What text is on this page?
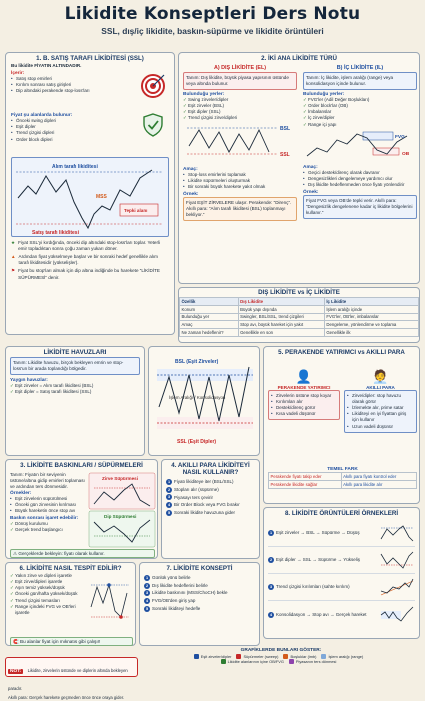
Likidite Konseptleri Ders Notu
SSL, dış/iç likidite, baskın-süpürme ve likidite örüntüleri
1. B. SATIŞ TARAFI LİKİDİTESİ (SSL)
Bu likidite FİYATIN ALTINDADIR.
İçerir:
• Satış stop emirleri
• Kırılım sonrası satış girişleri
• Dip altındaki perakende stop-loss'ları
Fiyat şu alanlarda bulunur:
• Önceki swing dipleri
• Eşit dipler
• Trend çizgisi dipleri
• Order block dipleri
Alım tarafı likiditesi
MSS
Satış tarafı likiditesi
Tepki alanı
★ Fiyat SSL'yi kırdığında, önceki dip altındaki stop-loss'ları toplar. Yeterli emir topladıktan sonra çoğu zaman yukarı döner.
▲ Ardından fiyat yükselmeye başlar ve bir sonraki hedef genellikle alım tarafı likiditesidir (yükselişler).
⚑ Fiyat bu stop'ları almak için dip altına indiğinde bu harekete “LİKİDİTE SÜPÜRMESİ” denir.
2. İKİ ANA LİKİDİTE TÜRÜ
A) DIŞ LİKİDİTE (EL)
Tanım: Dış likidite, büyük piyasa yapısının üstünde veya altında bulunur.
Bulunduğu yerler:
✓ Swing zirveler/dipler
✓ Eşit zirveler (BSL)
✓ Eşit dipler (SSL)
✓ Trend çizgisi zirve/dipleri
BSL
SSL
Amaç:
• Stop-loss emirlerini toplamak
• Likidite süpürmeleri oluşturmak
• Bir sonraki büyük harekete yakıt olmak
Örnek:
Fiyat EŞİT ZİRVELERE ulaşır. Perakende: “Direnç”. Akıllı para: “Alım tarafı likiditesi (BSL) toplanmayı bekliyor.”
B) İÇ LİKİDİTE (IL)
Tanım: İç likidite, işlem aralığı (range) veya konsolidasyon içinde bulunur.
Bulunduğu yerler:
✓ FVG'ler (Adil Değer Boşlukları)
✓ Order block'lar (OB)
✓ İmbalanslar
✓ İç zirve/dipler
✓ Range içi yapı
FVG
OB
Amaç:
• Geçici destek/direnç olarak davranır
• Dengesizlikleri dengelemeye yardımcı olur
• Dış likidite hedeflenmeden önce fiyatı yönlendirir
Örnek:
Fiyat FVG veya OB'de tepki verir. Akıllı para: “Dengesizlik dengelenene kadar iç likidite bölgelerini kullanır.”
DIŞ LİKİDİTE vs İÇ LİKİDİTE
Özellik	Dış Likidite	İç Likidite
Konum	Büyük yapı dışında	İşlem aralığı içinde
Bulunduğu yer	Swingler, BSL/SSL, trend çizgileri	FVG'ler, OB'ler, imbalanslar
Amaç	Stop avı, büyük hareket için yakıt	Dengeleme, yönlendirme ve toplama
Ne zaman hedeflenir?	Genellikle en son	Genellikle ilk
LİKİDİTE HAVUZLARI
Tanım: Likidite havuzu, birçok bekleyen emrin ve stop-loss'un bir arada toplandığı bölgedir.
Yaygın havuzlar:
✓ Eşit zirveler = Alım tarafı likiditesi (BSL)
✓ Eşit dipler = Satış tarafı likiditesi (SSL)
BSL (Eşit Zirveler)
İşlem Aralığı / Konsolidasyon
SSL (Eşit Dipler)
5. PERAKENDE YATIRIMCI vs AKILLI PARA
👤
PERAKENDE YATIRIMCI
• Zirvelerin üstüne stop koyar
• Kırılımları alır
• Destek/direnç görür
• Kısa vadeli düşünür
🧑‍💼
AKILLI PARA
• Zirve/dipler: stop havuzu olarak görür
• İzlemekte alır, prime satar
• Likiditeyi en iyi fiyattan giriş için kullanır
• Uzun vadeli düşünür
TEMEL FARK
Perakende fiyatı takip eder	Akıllı para fiyatı kontrol eder
Perakende likidite sağlar	Akıllı para likidite alır
3. LİKİDİTE BASKINLARI / SÜPÜRMELERİ
Tanım: Fiyatın bir seviyenin üstüne/altına gidip emirleri toplaması ve ardından ters dönmesidir.
Örnekler:
• Eşit zirvelerin süpürülmesi
• Önceki gün zirvesinin kırılması
• Büyük hareketin önce stop avı
Baskın sonrası işaret edebilir:
✓ Dönüş kurulumu
✓ Gerçek trend başlangıcı
Zirve Süpürmesi
Dip Süpürmesi
⚠ Gerçeklerde bekleyin: fiyatı olarak kullanır.
4. AKILLI PARA LİKİDİTEYİ NASIL KULLANIR?
1 Fiyatı likiditeye iter (BSL/SSL)
2 Stopları alır (süpürme)
3 Piyasayı ters çevirir
4 Bir Order Block veya FVG bırakır
5 Sonraki likidite havuzuna gider	8. LİKİDİTE ÖRÜNTÜLERİ ÖRNEKLERİ
1 Eşit zirveler → BSL → Süpürme → Düşüş
2 Eşit dipler → SSL → Süpürme → Yükseliş
3 Trend çizgisi kırılımları (sahte kırılım)
4 Konsolidasyon → Stop avı → Gerçek hareket
6. LİKİDİTE NASIL TESPİT EDİLİR?
✓ Yakın zirve ve dipleri işaretle
✓ Eşit zirve/dipleri işaretle
✓ Aşırı temiz yüksek/düşük
✓ Önceki gün/hafta yüksek/düşük
✓ Trend çizgisi temasları
✓ Range içindeki FVG ve OB'leri işaretle
🧲 Bu alanlar fiyat için mıknatıs gibi çalışır!
7. LİKİDİTE KONSEPTİ
1 Günlük yönü belirle
2 Dış likidite hedeflerini belirle
3 Likidite baskınını (MSS/ChoCH) bekle
4 FVG/OB'den giriş yap
5 Sonraki likiditeyi hedefle
GRAFİKLERDE BUNLARI GÖSTER:
Eşit zirveler/dipler	Süpürmeler (sweep)	Boşluklar (imb)	İşlem aralığı (range)
Likidite alanlarının içine OB/FVG	Piyasanın ters dönmesi
NOT: Likidite, zirvelerin üstünde ve diplerin altında bekleyen paradır.
Akıllı para: Gerçek harekete geçmeden önce önce oraya gider.
